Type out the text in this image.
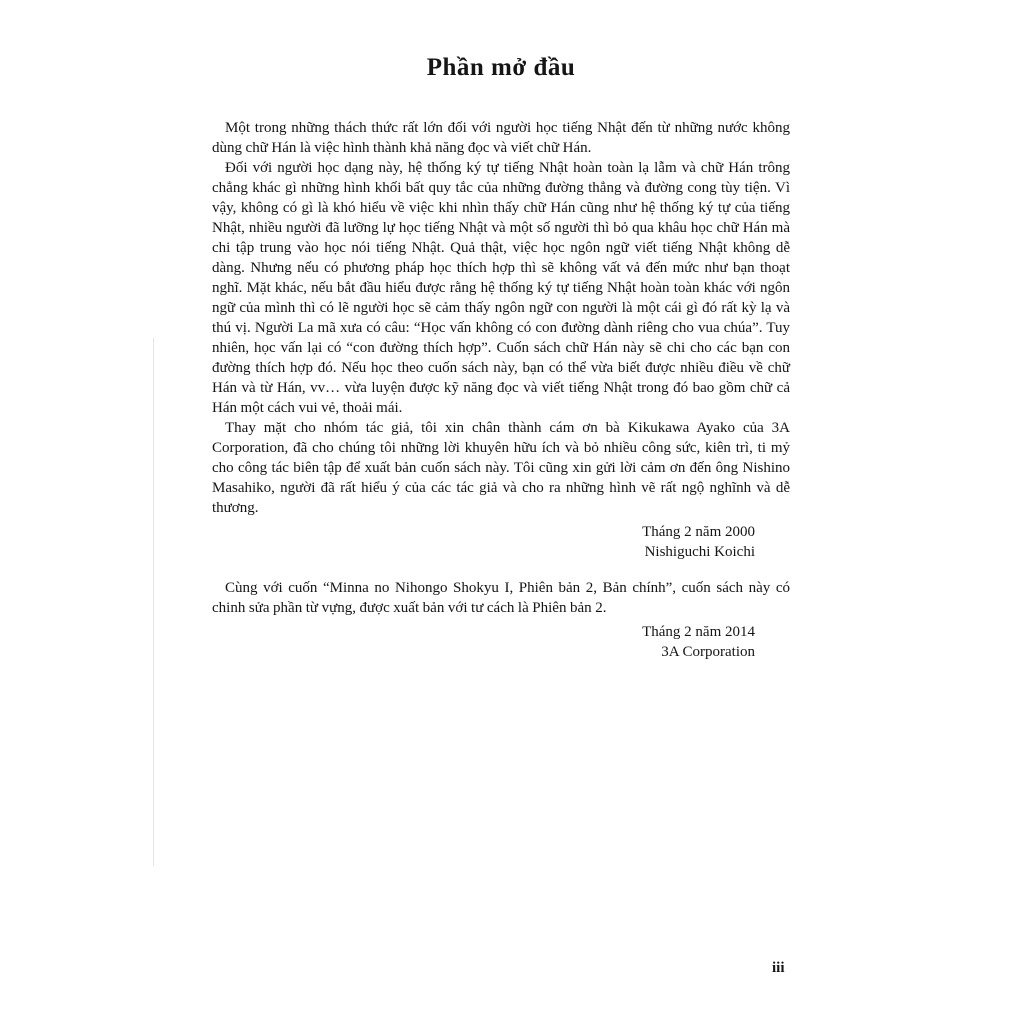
Phần mở đầu

Một trong những thách thức rất lớn đối với người học tiếng Nhật đến từ những nước không dùng chữ Hán là việc hình thành khả năng đọc và viết chữ Hán.

Đối với người học dạng này, hệ thống ký tự tiếng Nhật hoàn toàn lạ lẫm và chữ Hán trông chẳng khác gì những hình khối bất quy tắc của những đường thẳng và đường cong tùy tiện. Vì vậy, không có gì là khó hiểu về việc khi nhìn thấy chữ Hán cũng như hệ thống ký tự của tiếng Nhật, nhiều người đã lưỡng lự học tiếng Nhật và một số người thì bỏ qua khâu học chữ Hán mà chi tập trung vào học nói tiếng Nhật. Quả thật, việc học ngôn ngữ viết tiếng Nhật không dễ dàng. Nhưng nếu có phương pháp học thích hợp thì sẽ không vất vả đến mức như bạn thoạt nghĩ. Mặt khác, nếu bắt đầu hiểu được rằng hệ thống ký tự tiếng Nhật hoàn toàn khác với ngôn ngữ của mình thì có lẽ người học sẽ cảm thấy ngôn ngữ con người là một cái gì đó rất kỳ lạ và thú vị. Người La mã xưa có câu: “Học vấn không có con đường dành riêng cho vua chúa”. Tuy nhiên, học vấn lại có “con đường thích hợp”. Cuốn sách chữ Hán này sẽ chi cho các bạn con đường thích hợp đó. Nếu học theo cuốn sách này, bạn có thể vừa biết được nhiều điều về chữ Hán và từ Hán, vv… vừa luyện được kỹ năng đọc và viết tiếng Nhật trong đó bao gồm chữ cả Hán một cách vui vẻ, thoải mái.

Thay mặt cho nhóm tác giả, tôi xin chân thành cám ơn bà Kikukawa Ayako của 3A Corporation, đã cho chúng tôi những lời khuyên hữu ích và bỏ nhiều công sức, kiên trì, ti mỷ cho công tác biên tập để xuất bản cuốn sách này. Tôi cũng xin gửi lời cảm ơn đến ông Nishino Masahiko, người đã rất hiểu ý của các tác giả và cho ra những hình vẽ rất ngộ nghĩnh và dễ thương.

Tháng 2 năm 2000
Nishiguchi Koichi

Cùng với cuốn “Minna no Nihongo Shokyu I, Phiên bản 2, Bản chính”, cuốn sách này có chinh sửa phần từ vựng, được xuất bản với tư cách là Phiên bản 2.

Tháng 2 năm 2014
3A Corporation
iii
